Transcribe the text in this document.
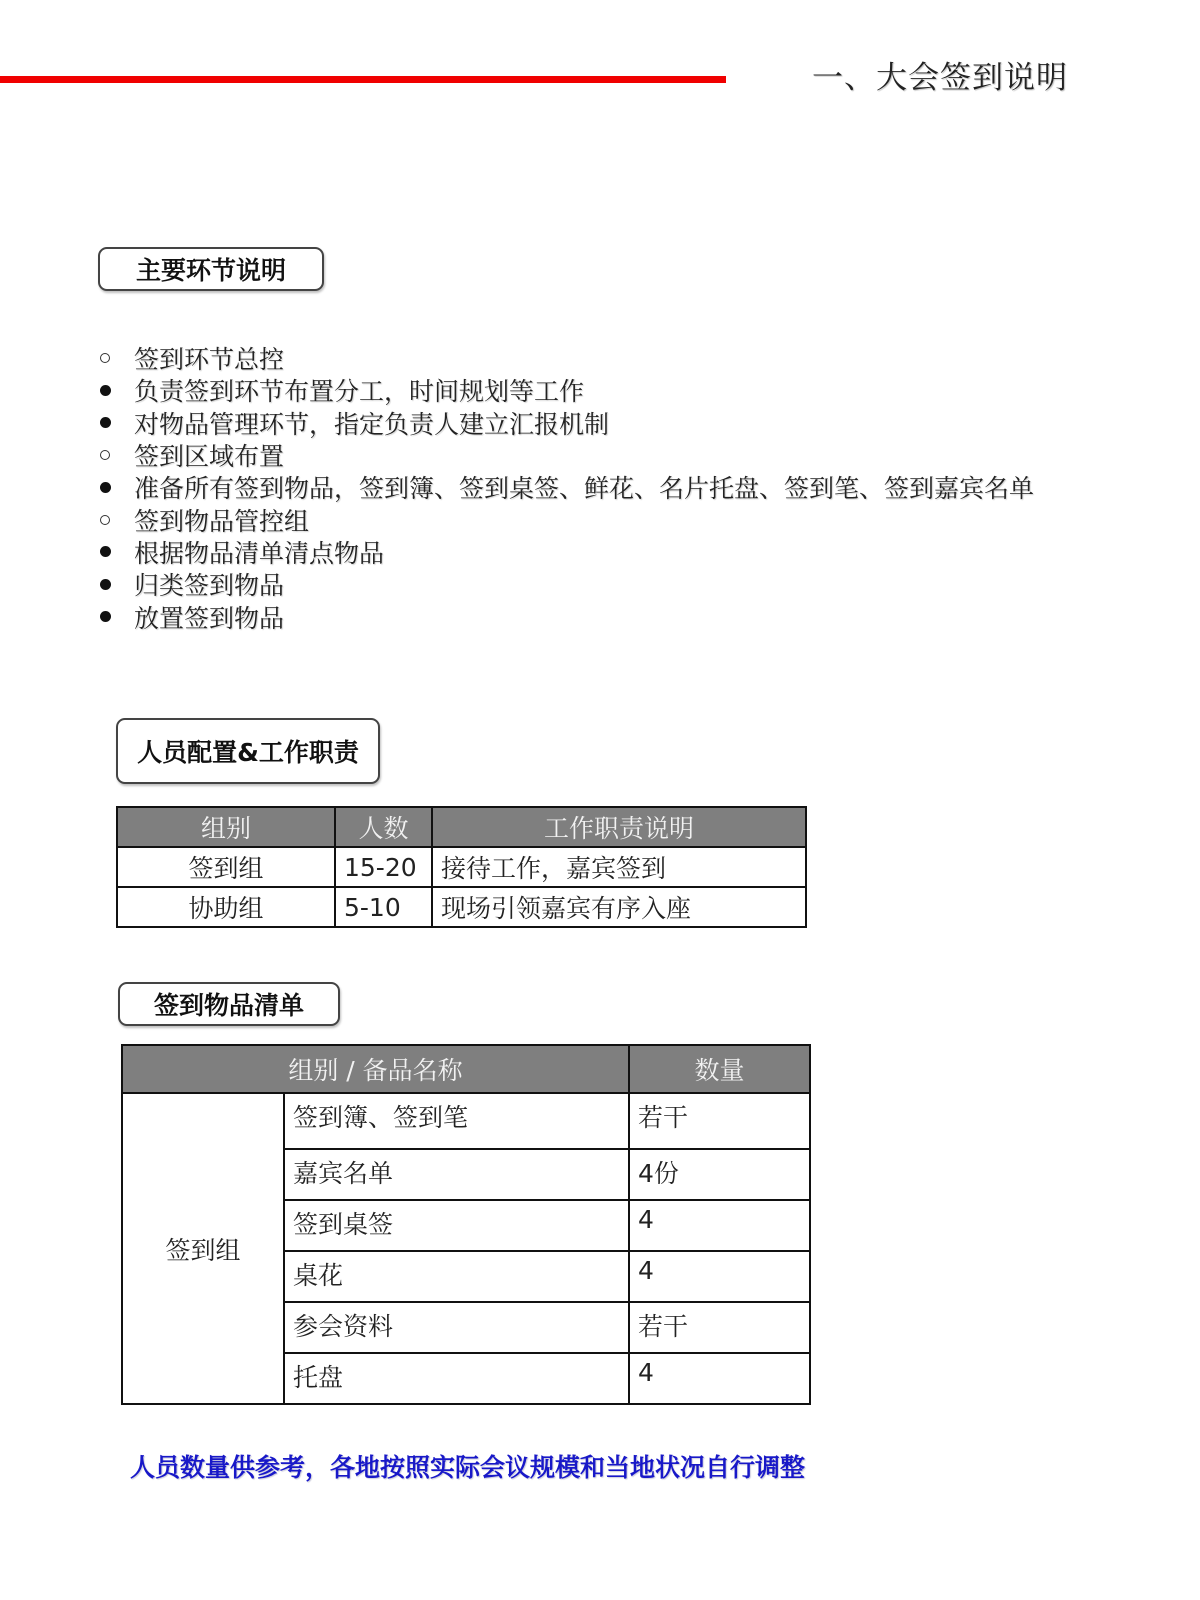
一、大会签到说明
主要环节说明
签到环节总控
负责签到环节布置分工，时间规划等工作
对物品管理环节，指定负责人建立汇报机制
签到区域布置
准备所有签到物品，签到簿、签到桌签、鲜花、名片托盘、签到笔、签到嘉宾名单
签到物品管控组
根据物品清单清点物品
归类签到物品
放置签到物品
人员配置&工作职责
组别	人数	工作职责说明
签到组	15-20	接待工作，嘉宾签到
协助组	5-10	现场引领嘉宾有序入座
签到物品清单
组别 / 备品名称		数量
签到组	签到簿、签到笔	若干
	嘉宾名单	4份
	签到桌签	4
	桌花	4
	参会资料	若干
	托盘	4
人员数量供参考，各地按照实际会议规模和当地状况自行调整
